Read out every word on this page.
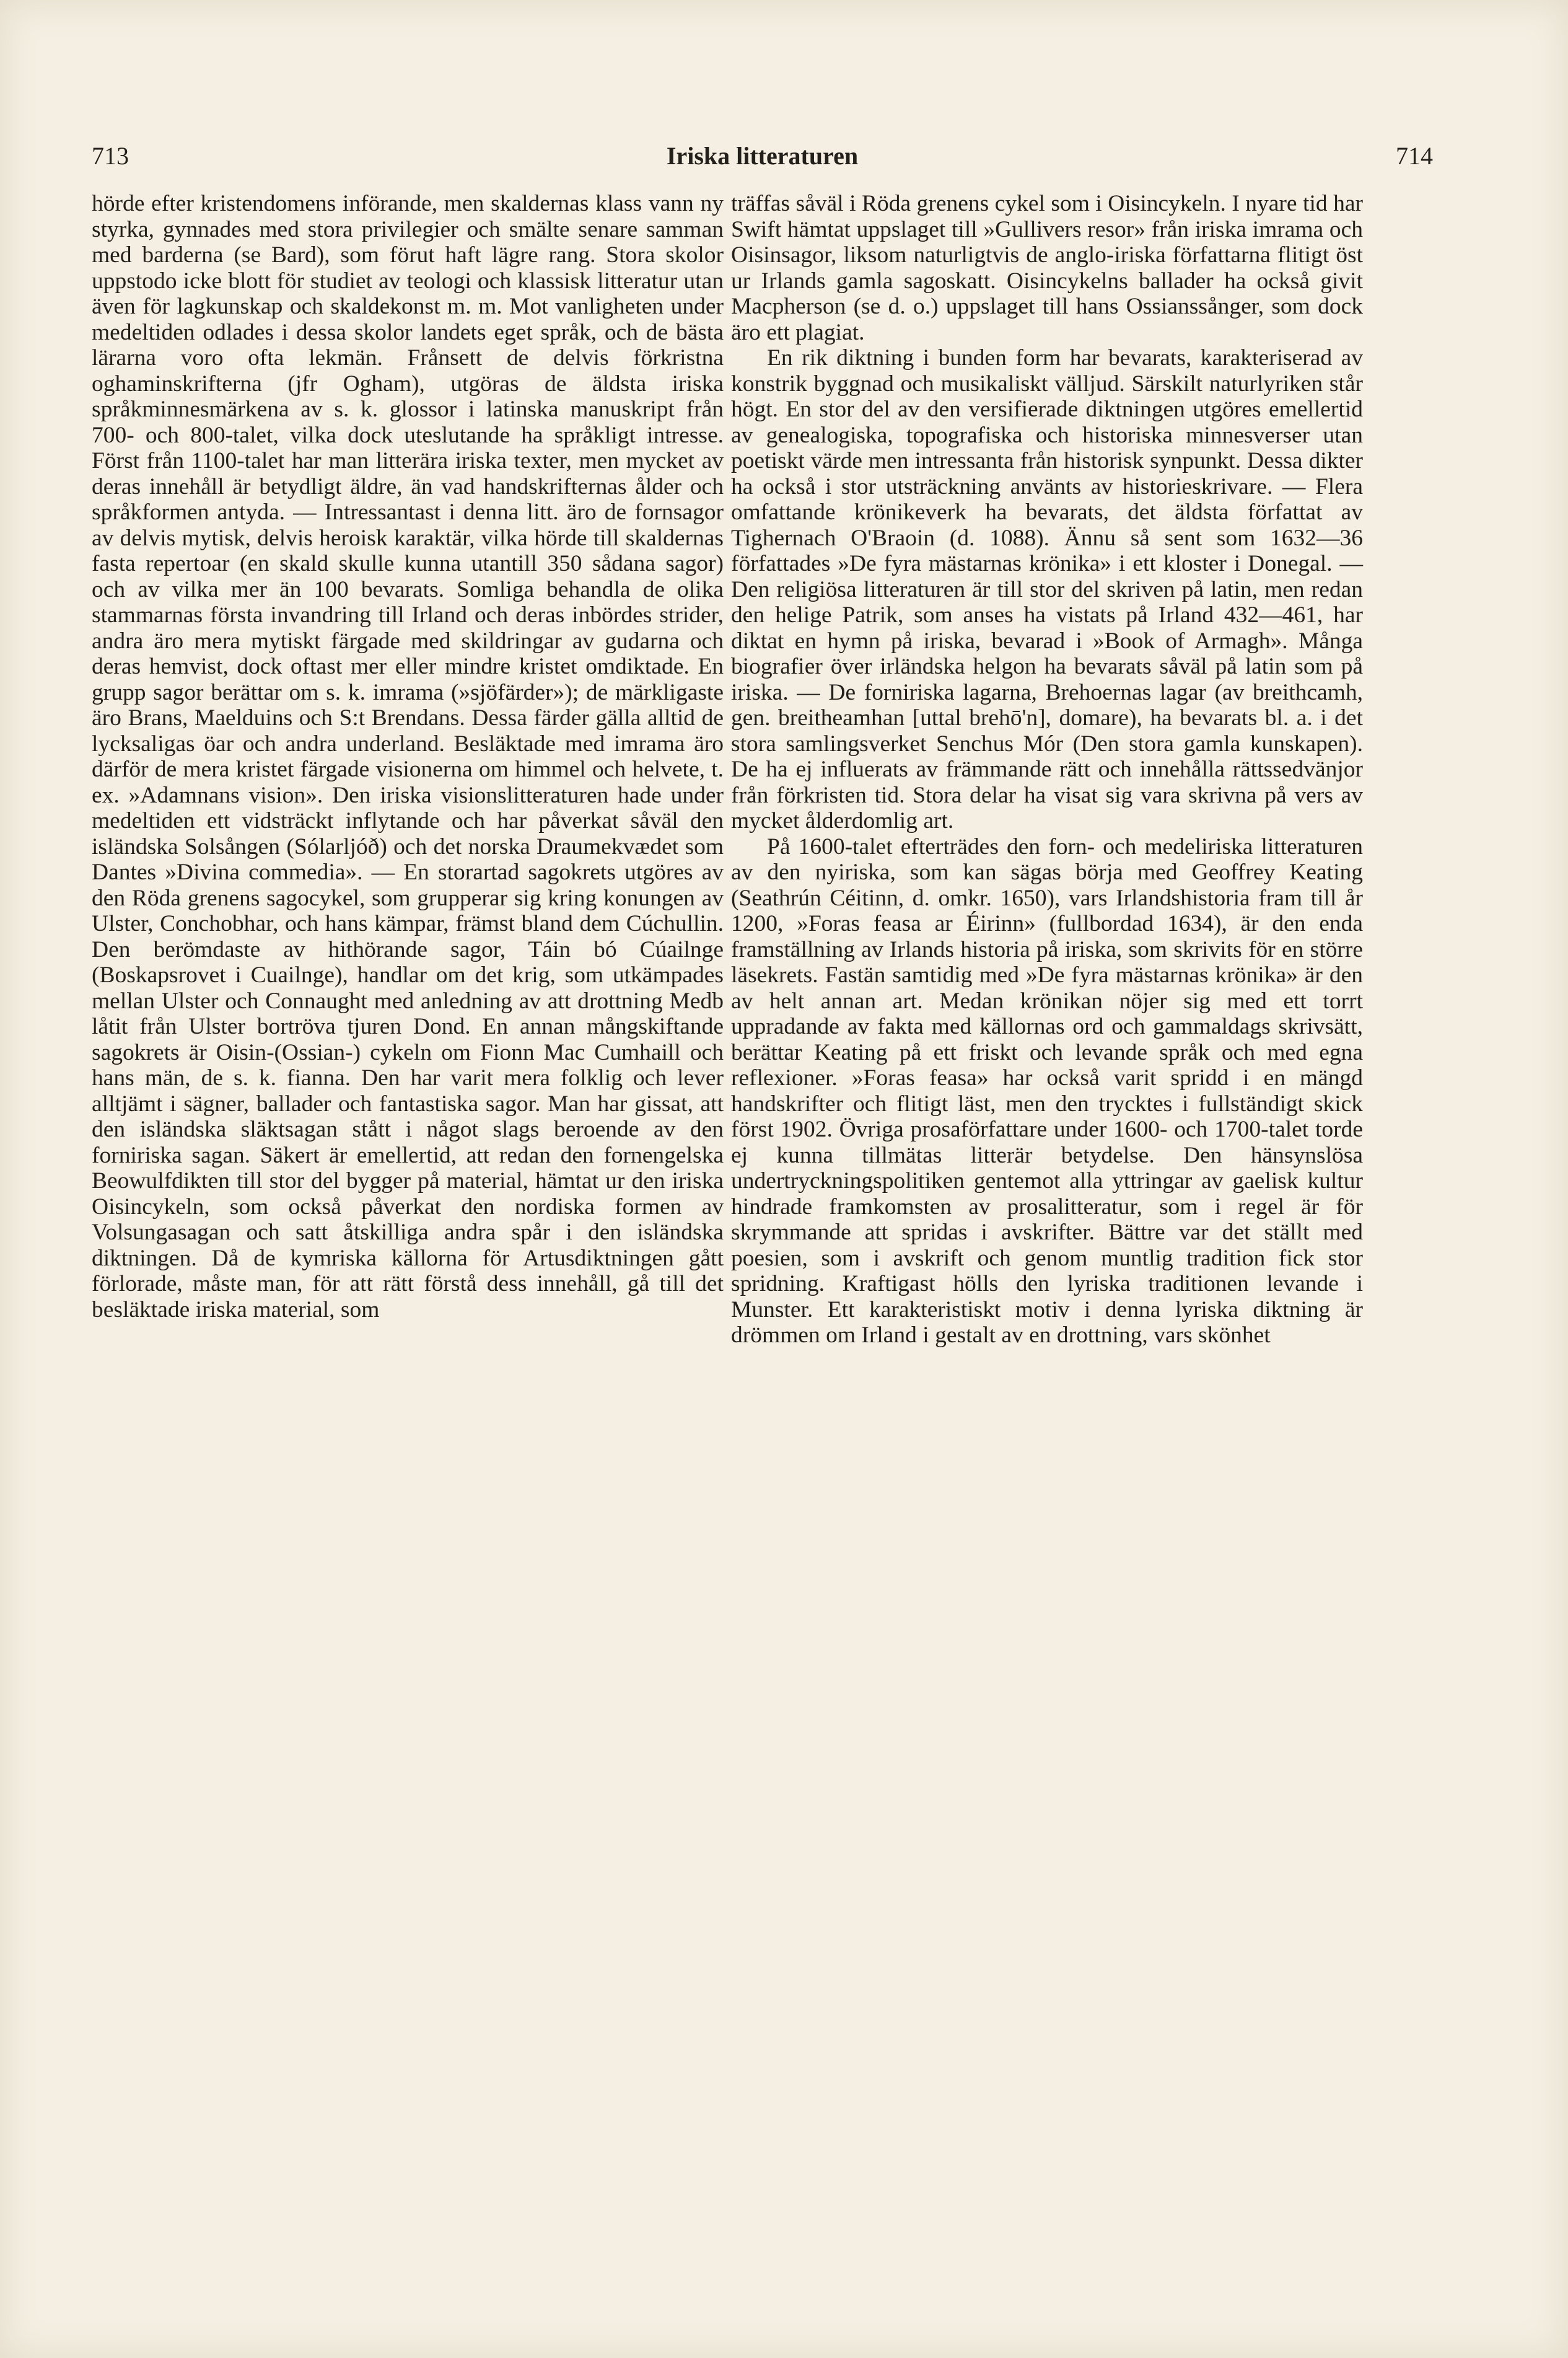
713	Iriska litteraturen	714

hörde efter kristendomens införande, men skaldernas klass vann ny styrka, gynnades med stora privilegier och smälte senare samman med barderna (se Bard), som förut haft lägre rang. Stora skolor uppstodo icke blott för studiet av teologi och klassisk litteratur utan även för lagkunskap och skaldekonst m. m. Mot vanligheten under medeltiden odlades i dessa skolor landets eget språk, och de bästa lärarna voro ofta lekmän. Frånsett de delvis förkristna oghaminskrifterna (jfr Ogham), utgöras de äldsta iriska språkminnesmärkena av s. k. glossor i latinska manuskript från 700- och 800-talet, vilka dock uteslutande ha språkligt intresse. Först från 1100-talet har man litterära iriska texter, men mycket av deras innehåll är betydligt äldre, än vad handskrifternas ålder och språkformen antyda. — Intressantast i denna litt. äro de fornsagor av delvis mytisk, delvis heroisk karaktär, vilka hörde till skaldernas fasta repertoar (en skald skulle kunna utantill 350 sådana sagor) och av vilka mer än 100 bevarats. Somliga behandla de olika stammarnas första invandring till Irland och deras inbördes strider, andra äro mera mytiskt färgade med skildringar av gudarna och deras hemvist, dock oftast mer eller mindre kristet omdiktade. En grupp sagor berättar om s. k. imrama (»sjöfärder»); de märkligaste äro Brans, Maelduins och S:t Brendans. Dessa färder gälla alltid de lycksaligas öar och andra underland. Besläktade med imrama äro därför de mera kristet färgade visionerna om himmel och helvete, t. ex. »Adamnans vision». Den iriska visionslitteraturen hade under medeltiden ett vidsträckt inflytande och har påverkat såväl den isländska Solsången (Sólarljóð) och det norska Draumekvædet som Dantes »Divina commedia». — En storartad sagokrets utgöres av den Röda grenens sagocykel, som grupperar sig kring konungen av Ulster, Conchobhar, och hans kämpar, främst bland dem Cúchullin. Den berömdaste av hithörande sagor, Táin bó Cúailnge (Boskapsrovet i Cuailnge), handlar om det krig, som utkämpades mellan Ulster och Connaught med anledning av att drottning Medb låtit från Ulster bortröva tjuren Dond. En annan mångskiftande sagokrets är Oisin-(Ossian-) cykeln om Fionn Mac Cumhaill och hans män, de s. k. fianna. Den har varit mera folklig och lever alltjämt i sägner, ballader och fantastiska sagor. Man har gissat, att den isländska släktsagan stått i något slags beroende av den forniriska sagan. Säkert är emellertid, att redan den fornengelska Beowulfdikten till stor del bygger på material, hämtat ur den iriska Oisincykeln, som också påverkat den nordiska formen av Volsungasagan och satt åtskilliga andra spår i den isländska diktningen. Då de kymriska källorna för Artusdiktningen gått förlorade, måste man, för att rätt förstå dess innehåll, gå till det besläktade iriska material, som

träffas såväl i Röda grenens cykel som i Oisincykeln. I nyare tid har Swift hämtat uppslaget till »Gullivers resor» från iriska imrama och Oisinsagor, liksom naturligtvis de anglo-iriska författarna flitigt öst ur Irlands gamla sagoskatt. Oisincykelns ballader ha också givit Macpherson (se d. o.) uppslaget till hans Ossianssånger, som dock äro ett plagiat.

En rik diktning i bunden form har bevarats, karakteriserad av konstrik byggnad och musikaliskt välljud. Särskilt naturlyriken står högt. En stor del av den versifierade diktningen utgöres emellertid av genealogiska, topografiska och historiska minnesverser utan poetiskt värde men intressanta från historisk synpunkt. Dessa dikter ha också i stor utsträckning använts av historieskrivare. — Flera omfattande krönikeverk ha bevarats, det äldsta författat av Tighernach O'Braoin (d. 1088). Ännu så sent som 1632—36 författades »De fyra mästarnas krönika» i ett kloster i Donegal. — Den religiösa litteraturen är till stor del skriven på latin, men redan den helige Patrik, som anses ha vistats på Irland 432—461, har diktat en hymn på iriska, bevarad i »Book of Armagh». Många biografier över irländska helgon ha bevarats såväl på latin som på iriska. — De forniriska lagarna, Brehoernas lagar (av breithcamh, gen. breitheamhan [uttal brehō'n], domare), ha bevarats bl. a. i det stora samlingsverket Senchus Mór (Den stora gamla kunskapen). De ha ej influerats av främmande rätt och innehålla rättssedvänjor från förkristen tid. Stora delar ha visat sig vara skrivna på vers av mycket ålderdomlig art.

På 1600-talet efterträdes den forn- och medeliriska litteraturen av den nyiriska, som kan sägas börja med Geoffrey Keating (Seathrún Céitinn, d. omkr. 1650), vars Irlandshistoria fram till år 1200, »Foras feasa ar Éirinn» (fullbordad 1634), är den enda framställning av Irlands historia på iriska, som skrivits för en större läsekrets. Fastän samtidig med »De fyra mästarnas krönika» är den av helt annan art. Medan krönikan nöjer sig med ett torrt uppradande av fakta med källornas ord och gammaldags skrivsätt, berättar Keating på ett friskt och levande språk och med egna reflexioner. »Foras feasa» har också varit spridd i en mängd handskrifter och flitigt läst, men den trycktes i fullständigt skick först 1902. Övriga prosaförfattare under 1600- och 1700-talet torde ej kunna tillmätas litterär betydelse. Den hänsynslösa undertryckningspolitiken gentemot alla yttringar av gaelisk kultur hindrade framkomsten av prosalitteratur, som i regel är för skrymmande att spridas i avskrifter. Bättre var det ställt med poesien, som i avskrift och genom muntlig tradition fick stor spridning. Kraftigast hölls den lyriska traditionen levande i Munster. Ett karakteristiskt motiv i denna lyriska diktning är drömmen om Irland i gestalt av en drottning, vars skönhet
